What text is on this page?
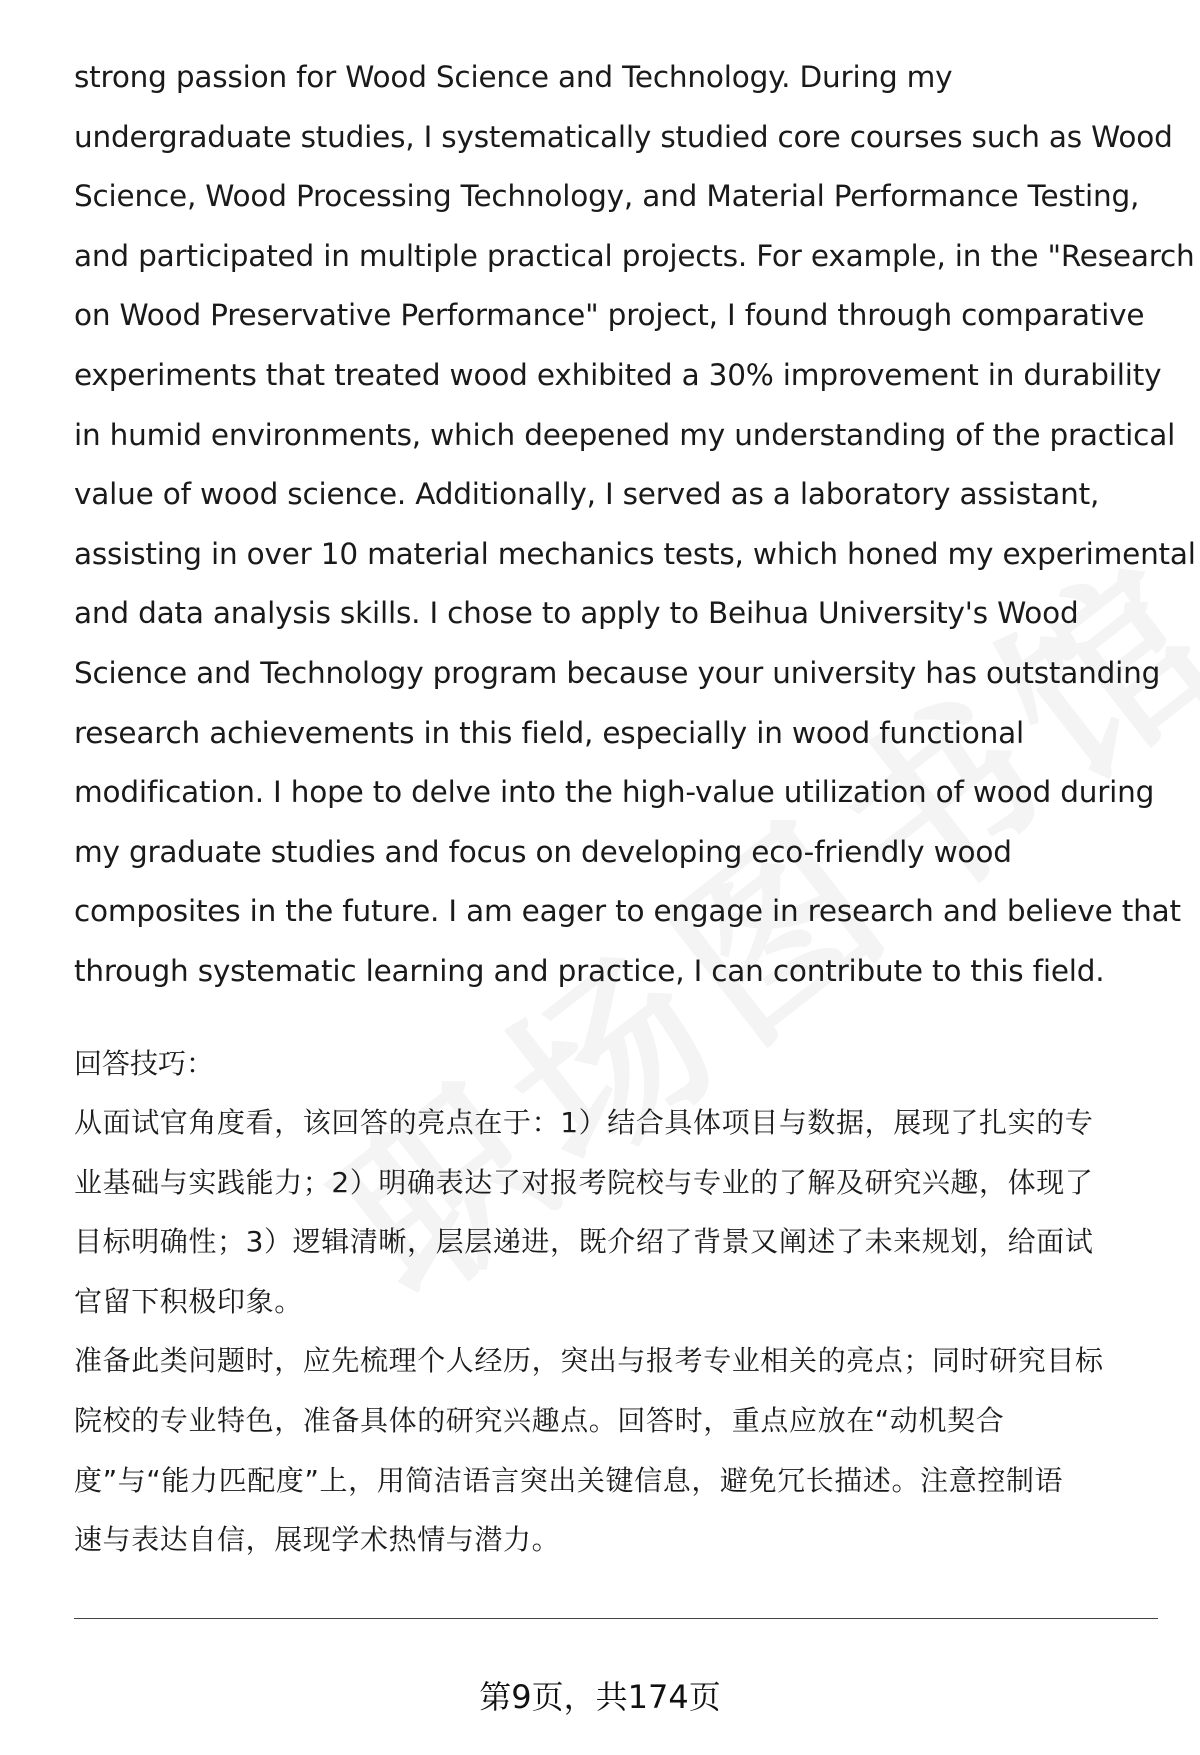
strong passion for Wood Science and Technology. During my
undergraduate studies, I systematically studied core courses such as Wood
Science, Wood Processing Technology, and Material Performance Testing,
and participated in multiple practical projects. For example, in the "Research
on Wood Preservative Performance" project, I found through comparative
experiments that treated wood exhibited a 30% improvement in durability
in humid environments, which deepened my understanding of the practical
value of wood science. Additionally, I served as a laboratory assistant,
assisting in over 10 material mechanics tests, which honed my experimental
and data analysis skills. I chose to apply to Beihua University's Wood
Science and Technology program because your university has outstanding
research achievements in this field, especially in wood functional
modification. I hope to delve into the high-value utilization of wood during
my graduate studies and focus on developing eco-friendly wood
composites in the future. I am eager to engage in research and believe that
through systematic learning and practice, I can contribute to this field.
回答技巧：
从面试官角度看，该回答的亮点在于：1）结合具体项目与数据，展现了扎实的专
业基础与实践能力；2）明确表达了对报考院校与专业的了解及研究兴趣，体现了
目标明确性；3）逻辑清晰，层层递进，既介绍了背景又阐述了未来规划，给面试
官留下积极印象。
准备此类问题时，应先梳理个人经历，突出与报考专业相关的亮点；同时研究目标
院校的专业特色，准备具体的研究兴趣点。回答时，重点应放在“动机契合
度”与“能力匹配度”上，用简洁语言突出关键信息，避免冗长描述。注意控制语
速与表达自信，展现学术热情与潜力。
第9页，共174页
